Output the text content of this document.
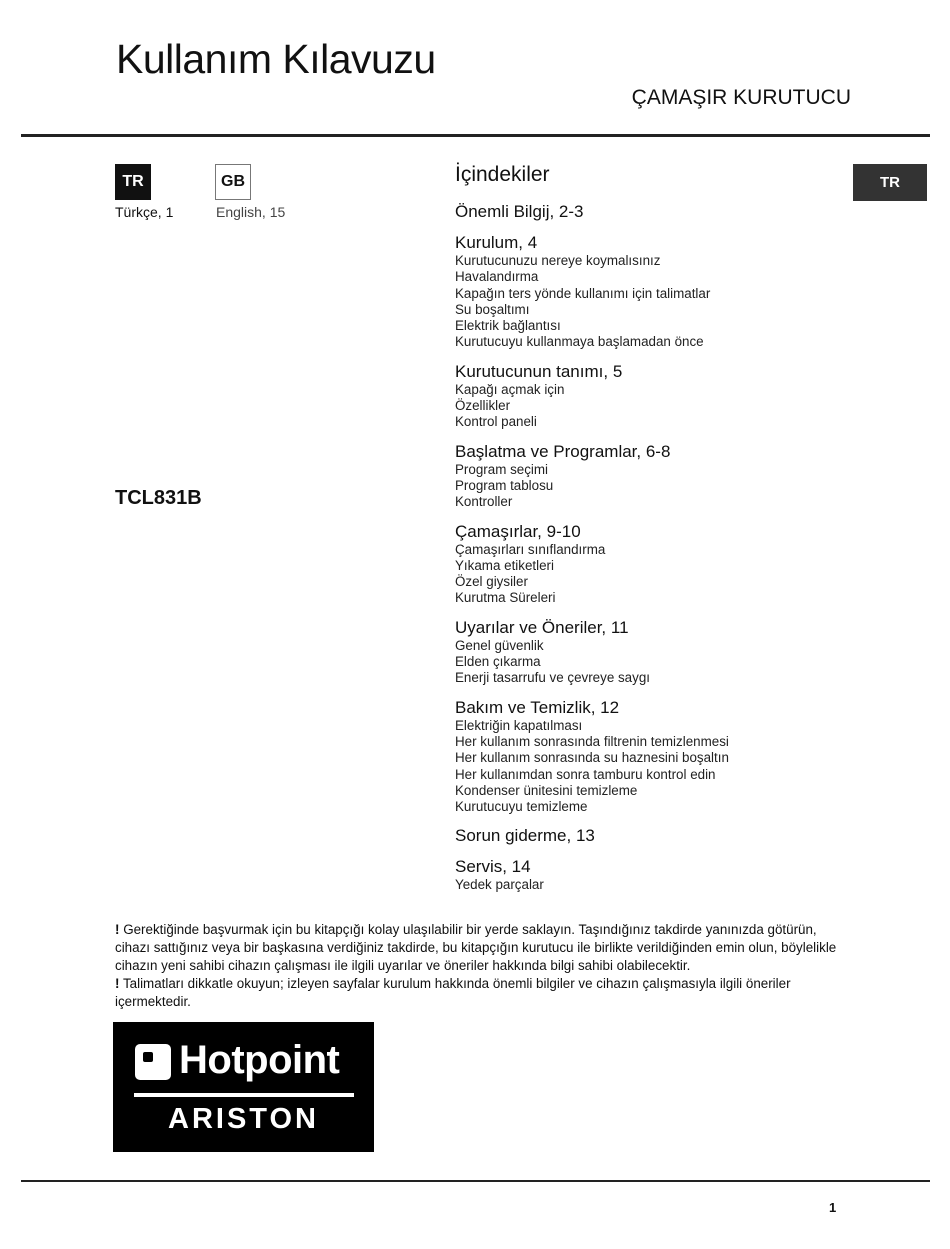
Kullanım Kılavuzu
ÇAMAŞIR KURUTUCU
TR
Türkçe, 1
GB
English, 15
TR
TCL831B
İçindekiler
Önemli Bilgij, 2-3
Kurulum, 4
Kurutucunuzu nereye koymalısınız
Havalandırma
Kapağın ters yönde kullanımı için talimatlar
Su boşaltımı
Elektrik bağlantısı
Kurutucuyu kullanmaya başlamadan önce
Kurutucunun tanımı, 5
Kapağı açmak için
Özellikler
Kontrol paneli
Başlatma ve Programlar, 6-8
Program seçimi
Program tablosu
Kontroller
Çamaşırlar, 9-10
Çamaşırları sınıflandırma
Yıkama etiketleri
Özel giysiler
Kurutma Süreleri
Uyarılar ve Öneriler, 11
Genel güvenlik
Elden çıkarma
Enerji tasarrufu ve çevreye saygı
Bakım ve Temizlik, 12
Elektriğin kapatılması
Her kullanım sonrasında filtrenin temizlenmesi
Her kullanım sonrasında su haznesini boşaltın
Her kullanımdan sonra tamburu kontrol edin
Kondenser ünitesini temizleme
Kurutucuyu temizleme
Sorun giderme, 13
Servis, 14
Yedek parçalar

! Gerektiğinde başvurmak için bu kitapçığı kolay ulaşılabilir bir yerde saklayın. Taşındığınız takdirde yanınızda götürün, cihazı sattığınız veya bir başkasına verdiğiniz takdirde, bu kitapçığın kurutucu ile birlikte verildiğinden emin olun, böylelikle cihazın yeni sahibi cihazın çalışması ile ilgili uyarılar ve öneriler hakkında bilgi sahibi olabilecektir.

! Talimatları dikkatle okuyun; izleyen sayfalar kurulum hakkında önemli bilgiler ve cihazın çalışmasıyla ilgili öneriler içermektedir.

Hotpoint
ARISTON
1
